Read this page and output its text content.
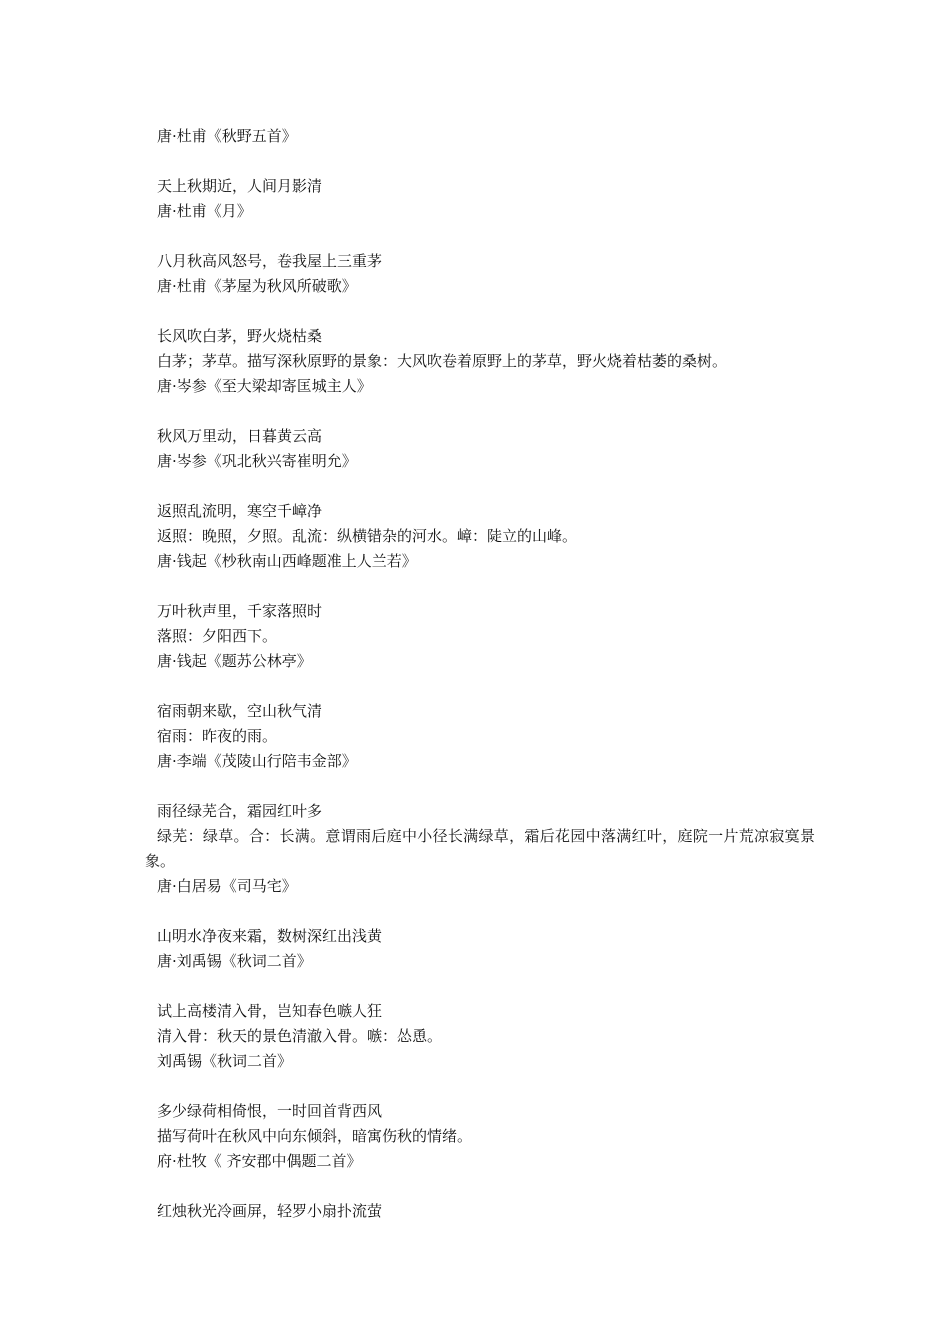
唐·杜甫《秋野五首》
天上秋期近，人间月影清
唐·杜甫《月》
八月秋高风怒号，卷我屋上三重茅
唐·杜甫《茅屋为秋风所破歌》
长风吹白茅，野火烧枯桑
白茅；茅草。描写深秋原野的景象：大风吹卷着原野上的茅草，野火烧着枯萎的桑树。
唐·岑参《至大梁却寄匡城主人》
秋风万里动，日暮黄云高
唐·岑参《巩北秋兴寄崔明允》
返照乱流明，寒空千嶂净
返照：晚照，夕照。乱流：纵横错杂的河水。嶂：陡立的山峰。
唐·钱起《杪秋南山西峰题准上人兰若》
万叶秋声里，千家落照时
落照：夕阳西下。
唐·钱起《题苏公林亭》
宿雨朝来歇，空山秋气清
宿雨：昨夜的雨。
唐·李端《茂陵山行陪韦金部》
雨径绿芜合，霜园红叶多
绿芜：绿草。合：长满。意谓雨后庭中小径长满绿草，霜后花园中落满红叶，庭院一片荒凉寂寞景象。
唐·白居易《司马宅》
山明水净夜来霜，数树深红出浅黄
唐·刘禹锡《秋词二首》
试上高楼清入骨，岂知春色嗾人狂
清入骨：秋天的景色清澈入骨。嗾：怂恿。
刘禹锡《秋词二首》
多少绿荷相倚恨，一时回首背西风
描写荷叶在秋风中向东倾斜，暗寓伤秋的情绪。
府·杜牧《 齐安郡中偶题二首》
红烛秋光冷画屏，轻罗小扇扑流萤
